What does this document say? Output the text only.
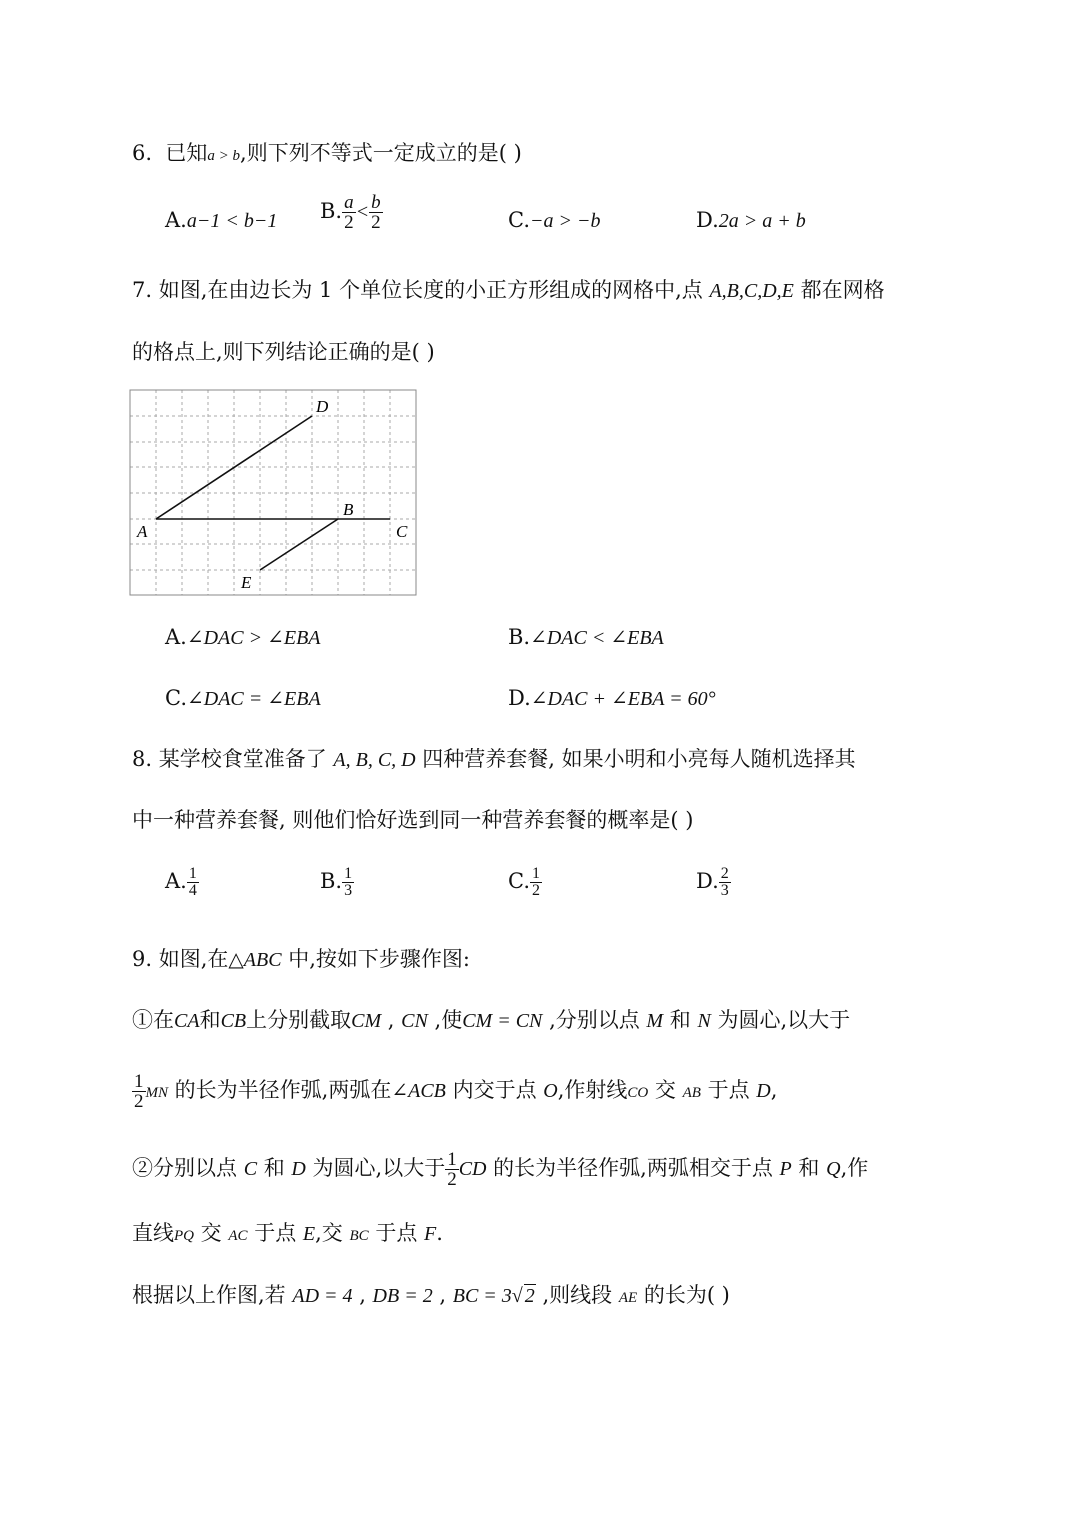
6. 已知a > b,则下列不等式一定成立的是( )
A.a−1 < b−1 B. $\frac{a}{2} < \frac{b}{2}$	C.−a > −b	D.2a > a + b
7. 如图,在由边长为 1 个单位长度的小正方形组成的网格中,点 A,B,C,D,E 都在网格
的格点上,则下列结论正确的是( )
D
B
A	C
E
A.∠DAC > ∠EBA	B.∠DAC < ∠EBA
C.∠DAC = ∠EBA	D.∠DAC + ∠EBA = 60°
8. 某学校食堂准备了 A, B, C, D 四种营养套餐, 如果小明和小亮每人随机选择其
中一种营养套餐, 则他们恰好选到同一种营养套餐的概率是( )
A. $\frac{1}{4}$	B. $\frac{1}{3}$	C. $\frac{1}{2}$	D. $\frac{2}{3}$
9. 如图,在△ABC 中,按如下步骤作图:
①在CA和CB上分别截取CM , CN ,使CM = CN ,分别以点 M 和 N 为圆心,以大于
$\frac{1}{2}$ MN 的长为半径作弧,两弧在∠ACB 内交于点 O,作射线CO 交 AB 于点 D,
②分别以点 C 和 D 为圆心,以大于 $\frac{1}{2}$ CD 的长为半径作弧,两弧相交于点 P 和 Q,作
直线PQ 交 AC 于点 E,交 BC 于点 F.
根据以上作图,若 AD = 4 , DB = 2 , BC = 3√ 2 ,则线段 AE 的长为( )
